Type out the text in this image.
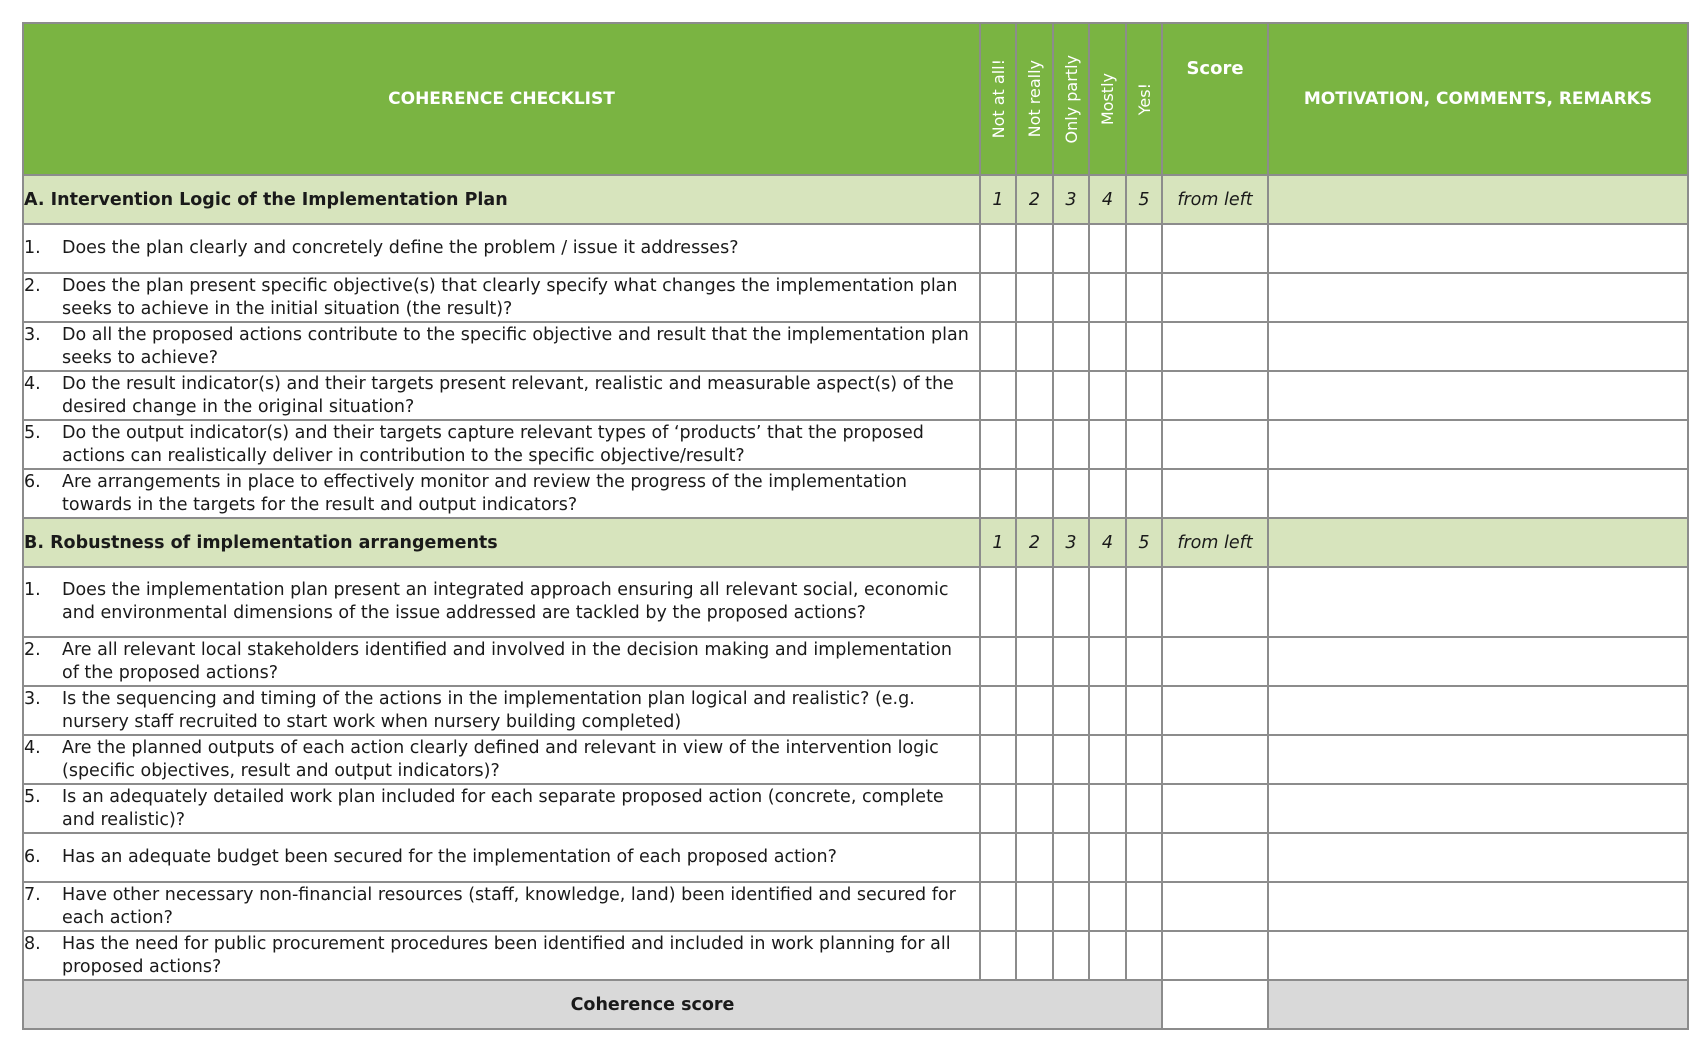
COHERENCE CHECKLIST	Not at all!	Not really	Only partly	Mostly	Yes!	Score	MOTIVATION, COMMENTS, REMARKS
A. Intervention Logic of the Implementation Plan	1	2	3	4	5	from left	

1. Does the plan clearly and concretely define the problem / issue it addresses?							

2. Does the plan present specific objective(s) that clearly specify what changes the implementation plan seeks to achieve in the initial situation (the result)?							

3. Do all the proposed actions contribute to the specific objective and result that the implementation plan seeks to achieve?							

4. Do the result indicator(s) and their targets present relevant, realistic and measurable aspect(s) of the desired change in the original situation?							

5. Do the output indicator(s) and their targets capture relevant types of ‘products’ that the proposed actions can realistically deliver in contribution to the specific objective/result?							

6. Are arrangements in place to effectively monitor and review the progress of the implementation towards in the targets for the result and output indicators?							

B. Robustness of implementation arrangements	1	2	3	4	5	from left	

1. Does the implementation plan present an integrated approach ensuring all relevant social, economic and environmental dimensions of the issue addressed are tackled by the proposed actions?							

2. Are all relevant local stakeholders identified and involved in the decision making and implementation of the proposed actions?							

3. Is the sequencing and timing of the actions in the implementation plan logical and realistic? (e.g. nursery staff recruited to start work when nursery building completed)							

4. Are the planned outputs of each action clearly defined and relevant in view of the intervention logic (specific objectives, result and output indicators)?							

5. Is an adequately detailed work plan included for each separate proposed action (concrete, complete and realistic)?							

6. Has an adequate budget been secured for the implementation of each proposed action?							

7. Have other necessary non-financial resources (staff, knowledge, land) been identified and secured for each action?							

8. Has the need for public procurement procedures been identified and included in work planning for all proposed actions?							

Coherence score							
